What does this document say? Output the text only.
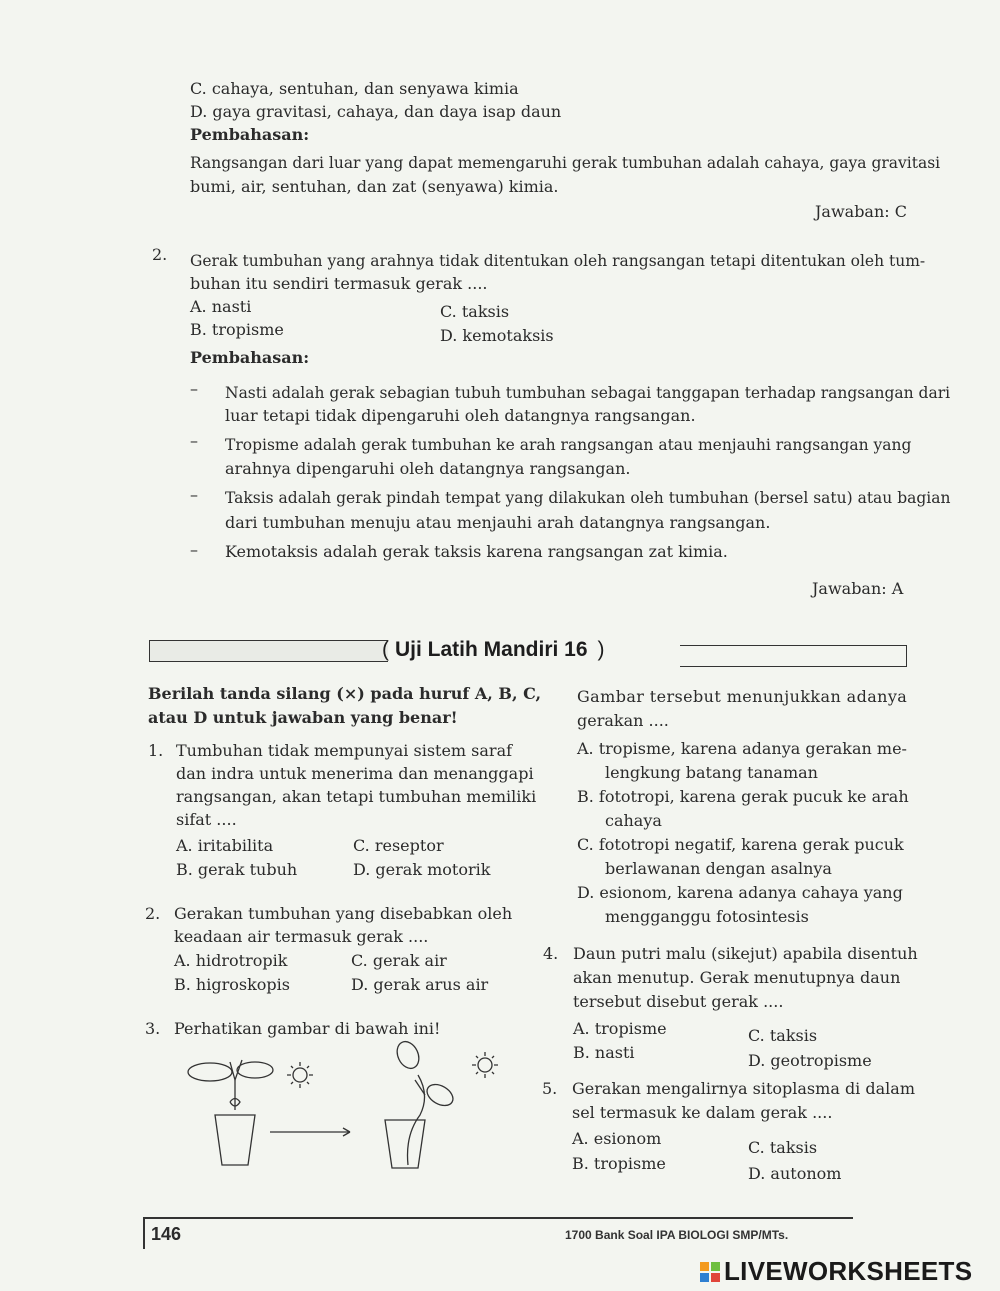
C. cahaya, sentuhan, dan senyawa kimia
D. gaya gravitasi, cahaya, dan daya isap daun
Pembahasan:
Rangsangan dari luar yang dapat memengaruhi gerak tumbuhan adalah cahaya, gaya gravitasi
bumi, air, sentuhan, dan zat (senyawa) kimia.
Jawaban: C
2. Gerak tumbuhan yang arahnya tidak ditentukan oleh rangsangan tetapi ditentukan oleh tum-
buhan itu sendiri termasuk gerak ....
A. nasti
B. tropisme
C. taksis
D. kemotaksis
Pembahasan:
– Nasti adalah gerak sebagian tubuh tumbuhan sebagai tanggapan terhadap rangsangan dari
luar tetapi tidak dipengaruhi oleh datangnya rangsangan.
– Tropisme adalah gerak tumbuhan ke arah rangsangan atau menjauhi rangsangan yang
arahnya dipengaruhi oleh datangnya rangsangan.
– Taksis adalah gerak pindah tempat yang dilakukan oleh tumbuhan (bersel satu) atau bagian
dari tumbuhan menuju atau menjauhi arah datangnya rangsangan.
– Kemotaksis adalah gerak taksis karena rangsangan zat kimia.
Jawaban: A
( Uji Latih Mandiri 16 )
Berilah tanda silang (×) pada huruf A, B, C,
atau D untuk jawaban yang benar!
1. Tumbuhan tidak mempunyai sistem saraf
dan indra untuk menerima dan menanggapi
rangsangan, akan tetapi tumbuhan memiliki
sifat ....
A. iritabilita
B. gerak tubuh
C. reseptor
D. gerak motorik
2. Gerakan tumbuhan yang disebabkan oleh
keadaan air termasuk gerak ....
A. hidrotropik
B. higroskopis
C. gerak air
D. gerak arus air
3. Perhatikan gambar di bawah ini!
Gambar tersebut menunjukkan adanya
gerakan ....
A. tropisme, karena adanya gerakan me-
lengkung batang tanaman
B. fototropi, karena gerak pucuk ke arah
cahaya
C. fototropi negatif, karena gerak pucuk
berlawanan dengan asalnya
D. esionom, karena adanya cahaya yang
mengganggu fotosintesis
4. Daun putri malu (sikejut) apabila disentuh
akan menutup. Gerak menutupnya daun
tersebut disebut gerak ....
A. tropisme
B. nasti
C. taksis
D. geotropisme
5. Gerakan mengalirnya sitoplasma di dalam
sel termasuk ke dalam gerak ....
A. esionom
B. tropisme
C. taksis
D. autonom
146	1700 Bank Soal IPA BIOLOGI SMP/MTs.
LIVEWORKSHEETS
